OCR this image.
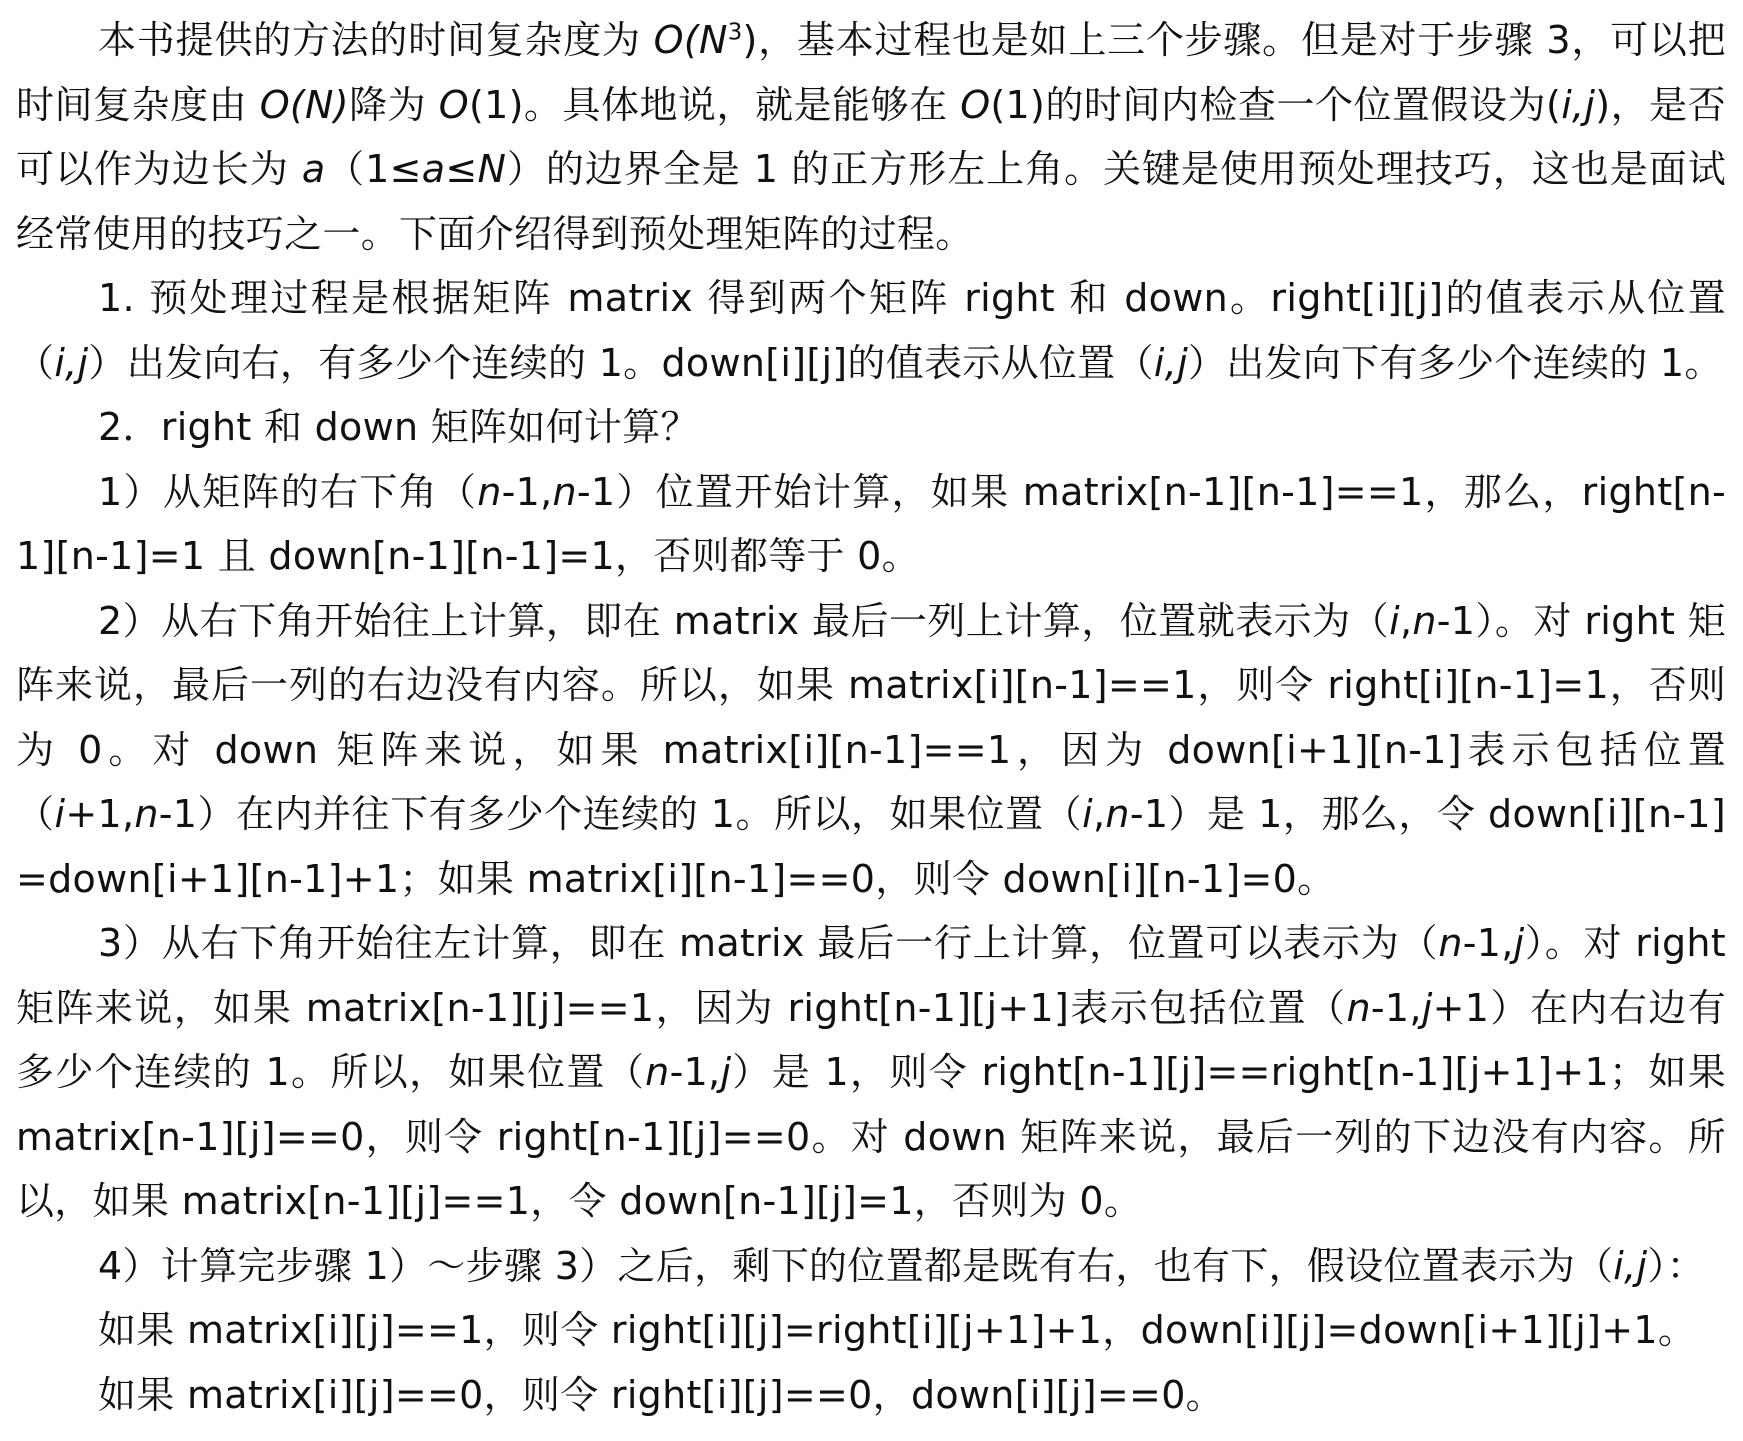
本书提供的方法的时间复杂度为 $O(N^3)$，基本过程也是如上三个步骤。但是对于步骤 3，可以把时间复杂度由 O(N)降为 O(1)。具体地说，就是能够在 O(1)的时间内检查一个位置假设为(i,j)，是否可以作为边长为 a（1≤a≤N）的边界全是 1 的正方形左上角。关键是使用预处理技巧，这也是面试经常使用的技巧之一。下面介绍得到预处理矩阵的过程。

1. 预处理过程是根据矩阵 matrix 得到两个矩阵 right 和 down。right[i][j]的值表示从位置（i,j）出发向右，有多少个连续的 1。down[i][j]的值表示从位置（i,j）出发向下有多少个连续的 1。

2．right 和 down 矩阵如何计算？

1）从矩阵的右下角（n-1,n-1）位置开始计算，如果 matrix[n-1][n-1]==1，那么，right[n-1][n-1]=1 且 down[n-1][n-1]=1，否则都等于 0。

2）从右下角开始往上计算，即在 matrix 最后一列上计算，位置就表示为（i,n-1）。对 right 矩阵来说，最后一列的右边没有内容。所以，如果 matrix[i][n-1]==1，则令 right[i][n-1]=1，否则为 0。对 down 矩阵来说，如果 matrix[i][n-1]==1，因为 down[i+1][n-1]表示包括位置（i+1,n-1）在内并往下有多少个连续的 1。所以，如果位置（i,n-1）是 1，那么，令 down[i][n-1] =down[i+1][n-1]+1；如果 matrix[i][n-1]==0，则令 down[i][n-1]=0。

3）从右下角开始往左计算，即在 matrix 最后一行上计算，位置可以表示为（n-1,j）。对 right 矩阵来说，如果 matrix[n-1][j]==1，因为 right[n-1][j+1]表示包括位置（n-1,j+1）在内右边有多少个连续的 1。所以，如果位置（n-1,j）是 1，则令 right[n-1][j]==right[n-1][j+1]+1；如果 matrix[n-1][j]==0，则令 right[n-1][j]==0。对 down 矩阵来说，最后一列的下边没有内容。所以，如果 matrix[n-1][j]==1，令 down[n-1][j]=1，否则为 0。

4）计算完步骤 1）～步骤 3）之后，剩下的位置都是既有右，也有下，假设位置表示为（i,j）：

如果 matrix[i][j]==1，则令 right[i][j]=right[i][j+1]+1，down[i][j]=down[i+1][j]+1。

如果 matrix[i][j]==0，则令 right[i][j]==0，down[i][j]==0。
